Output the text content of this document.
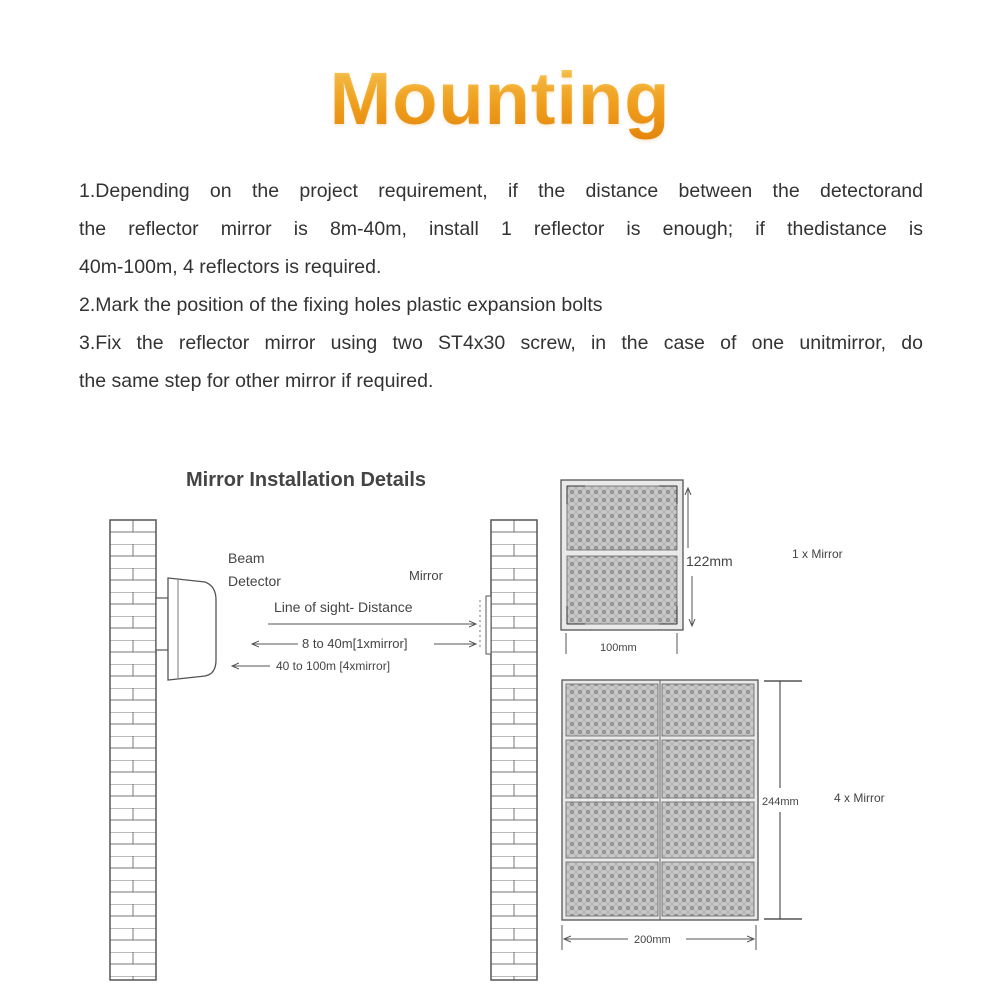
Mounting

1.Depending on the project requirement, if the distance between the detectorand

the reflector mirror is 8m-40m, install 1 reflector is enough; if thedistance is

40m-100m, 4 reflectors is required.

2.Mark the position of the fixing holes plastic expansion bolts

3.Fix the reflector mirror using two ST4x30 screw, in the case of one unitmirror, do

the same step for other mirror if required.

Mirror Installation Details
Beam
Detector	Mirror
Line of sight- Distance
8 to 40m[1xmirror]
40 to 100m [4xmirror]
122mm
100mm
1 x Mirror
244mm	4 x Mirror
200mm
